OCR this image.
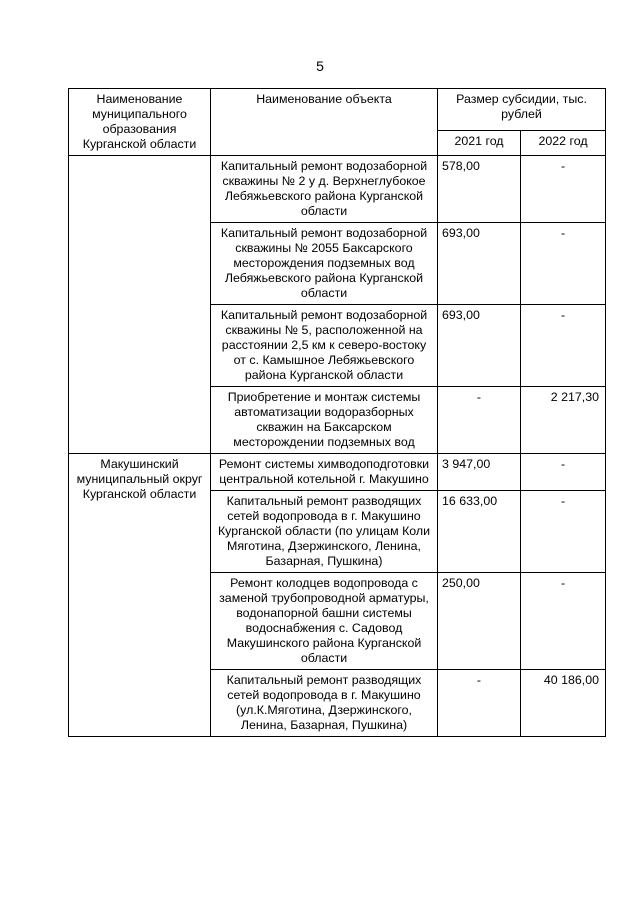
5
Наименование муниципального образования Курганской области	Наименование объекта	Размер субсидии, тыс. рублей	
		2021 год	2022 год
	Капитальный ремонт водозаборной скважины № 2 у д. Верхнеглубокое Лебяжьевского района Курганской области	578,00	-
	Капитальный ремонт водозаборной скважины № 2055 Баксарского месторождения подземных вод Лебяжьевского района Курганской области	693,00	-
	Капитальный ремонт водозаборной скважины № 5, расположенной на расстоянии 2,5 км к северо-востоку от с. Камышное Лебяжьевского района Курганской области	693,00	-
	Приобретение и монтаж системы автоматизации водоразборных скважин на Баксарском месторождении подземных вод	-	2 217,30
Макушинский муниципальный округ Курганской области	Ремонт системы химводоподготовки центральной котельной г. Макушино	3 947,00	-
	Капитальный ремонт разводящих сетей водопровода в г. Макушино Курганской области (по улицам Коли Мяготина, Дзержинского, Ленина, Базарная, Пушкина)	16 633,00	-
	Ремонт колодцев водопровода с заменой трубопроводной арматуры, водонапорной башни системы водоснабжения с. Садовод Макушинского района Курганской области	250,00	-
	Капитальный ремонт разводящих сетей водопровода в г. Макушино (ул.К.Мяготина, Дзержинского, Ленина, Базарная, Пушкина)	-	40 186,00
